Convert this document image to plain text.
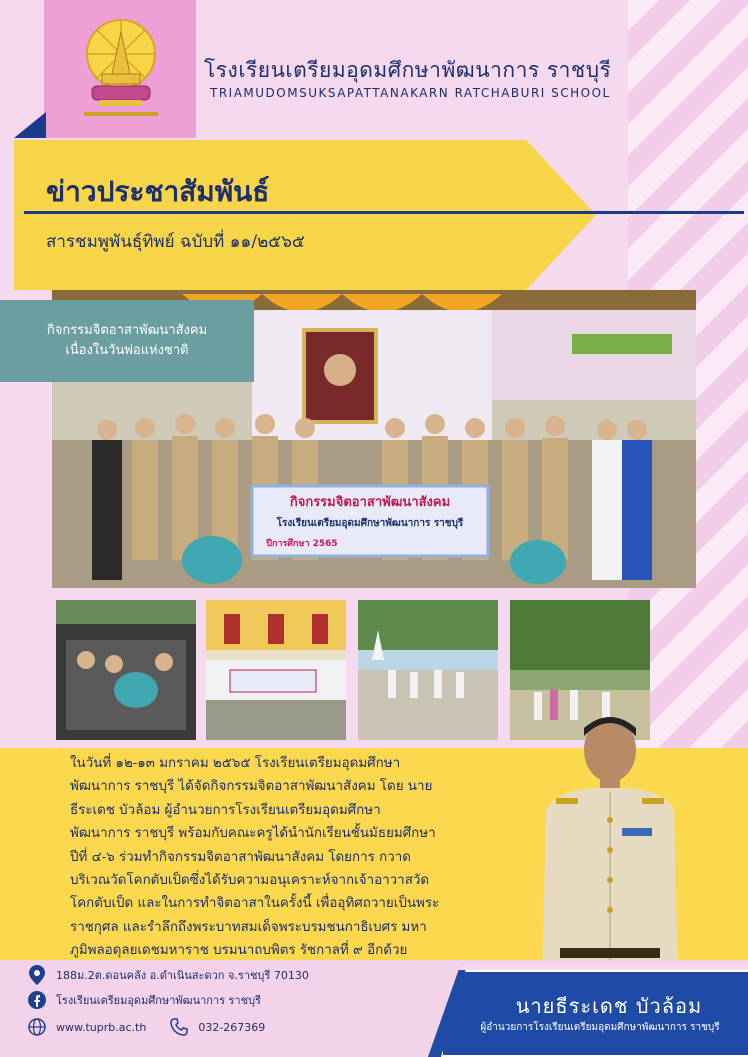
โรงเรียนเตรียมอุดมศึกษาพัฒนาการ ราชบุรี
TRIAMUDOMSUKSAPATTANAKARN RATCHABURI SCHOOL
ข่าวประชาสัมพันธ์
สารชมพูพันธุ์ทิพย์ ฉบับที่ ๑๑/๒๕๖๕
กิจกรรมจิตอาสาพัฒนาสังคม
โรงเรียนเตรียมอุดมศึกษาพัฒนาการ ราชบุรี
ปีการศึกษา 2565
กิจกรรมจิตอาสาพัฒนาสังคม
เนื่องในวันพ่อแห่งชาติ
ในวันที่ ๑๒-๑๓ มกราคม ๒๕๖๕ โรงเรียนเตรียมอุดมศึกษา
พัฒนาการ ราชบุรี ได้จัดกิจกรรมจิตอาสาพัฒนาสังคม โดย นาย
ธีระเดช บัวล้อม ผู้อำนวยการโรงเรียนเตรียมอุดมศึกษา
พัฒนาการ ราชบุรี พร้อมกับคณะครูได้นำนักเรียนชั้นมัธยมศึกษา
ปีที่ ๔-๖ ร่วมทำกิจกรรมจิตอาสาพัฒนาสังคม โดยการ กวาด
บริเวณวัดโคกตับเป็ดซึ่งได้รับความอนุเคราะห์จากเจ้าอาวาสวัด
โคกตับเป็ด และในการทำจิตอาสาในครั้งนี้ เพื่ออุทิศถวายเป็นพระ
ราชกุศล และรำลึกถึงพระบาทสมเด็จพระบรมชนกาธิเบศร มหา
ภูมิพลอดุลยเดชมหาราช บรมนาถบพิตร รัชกาลที่ ๙ อีกด้วย
188ม.2ต.ดอนคลัง อ.ดำเนินสะดวก จ.ราชบุรี 70130
โรงเรียนเตรียมอุดมศึกษาพัฒนาการ ราชบุรี
www.tuprb.ac.th	032-267369
นายธีระเดช บัวล้อม
ผู้อำนวยการโรงเรียนเตรียมอุดมศึกษาพัฒนาการ ราชบุรี
